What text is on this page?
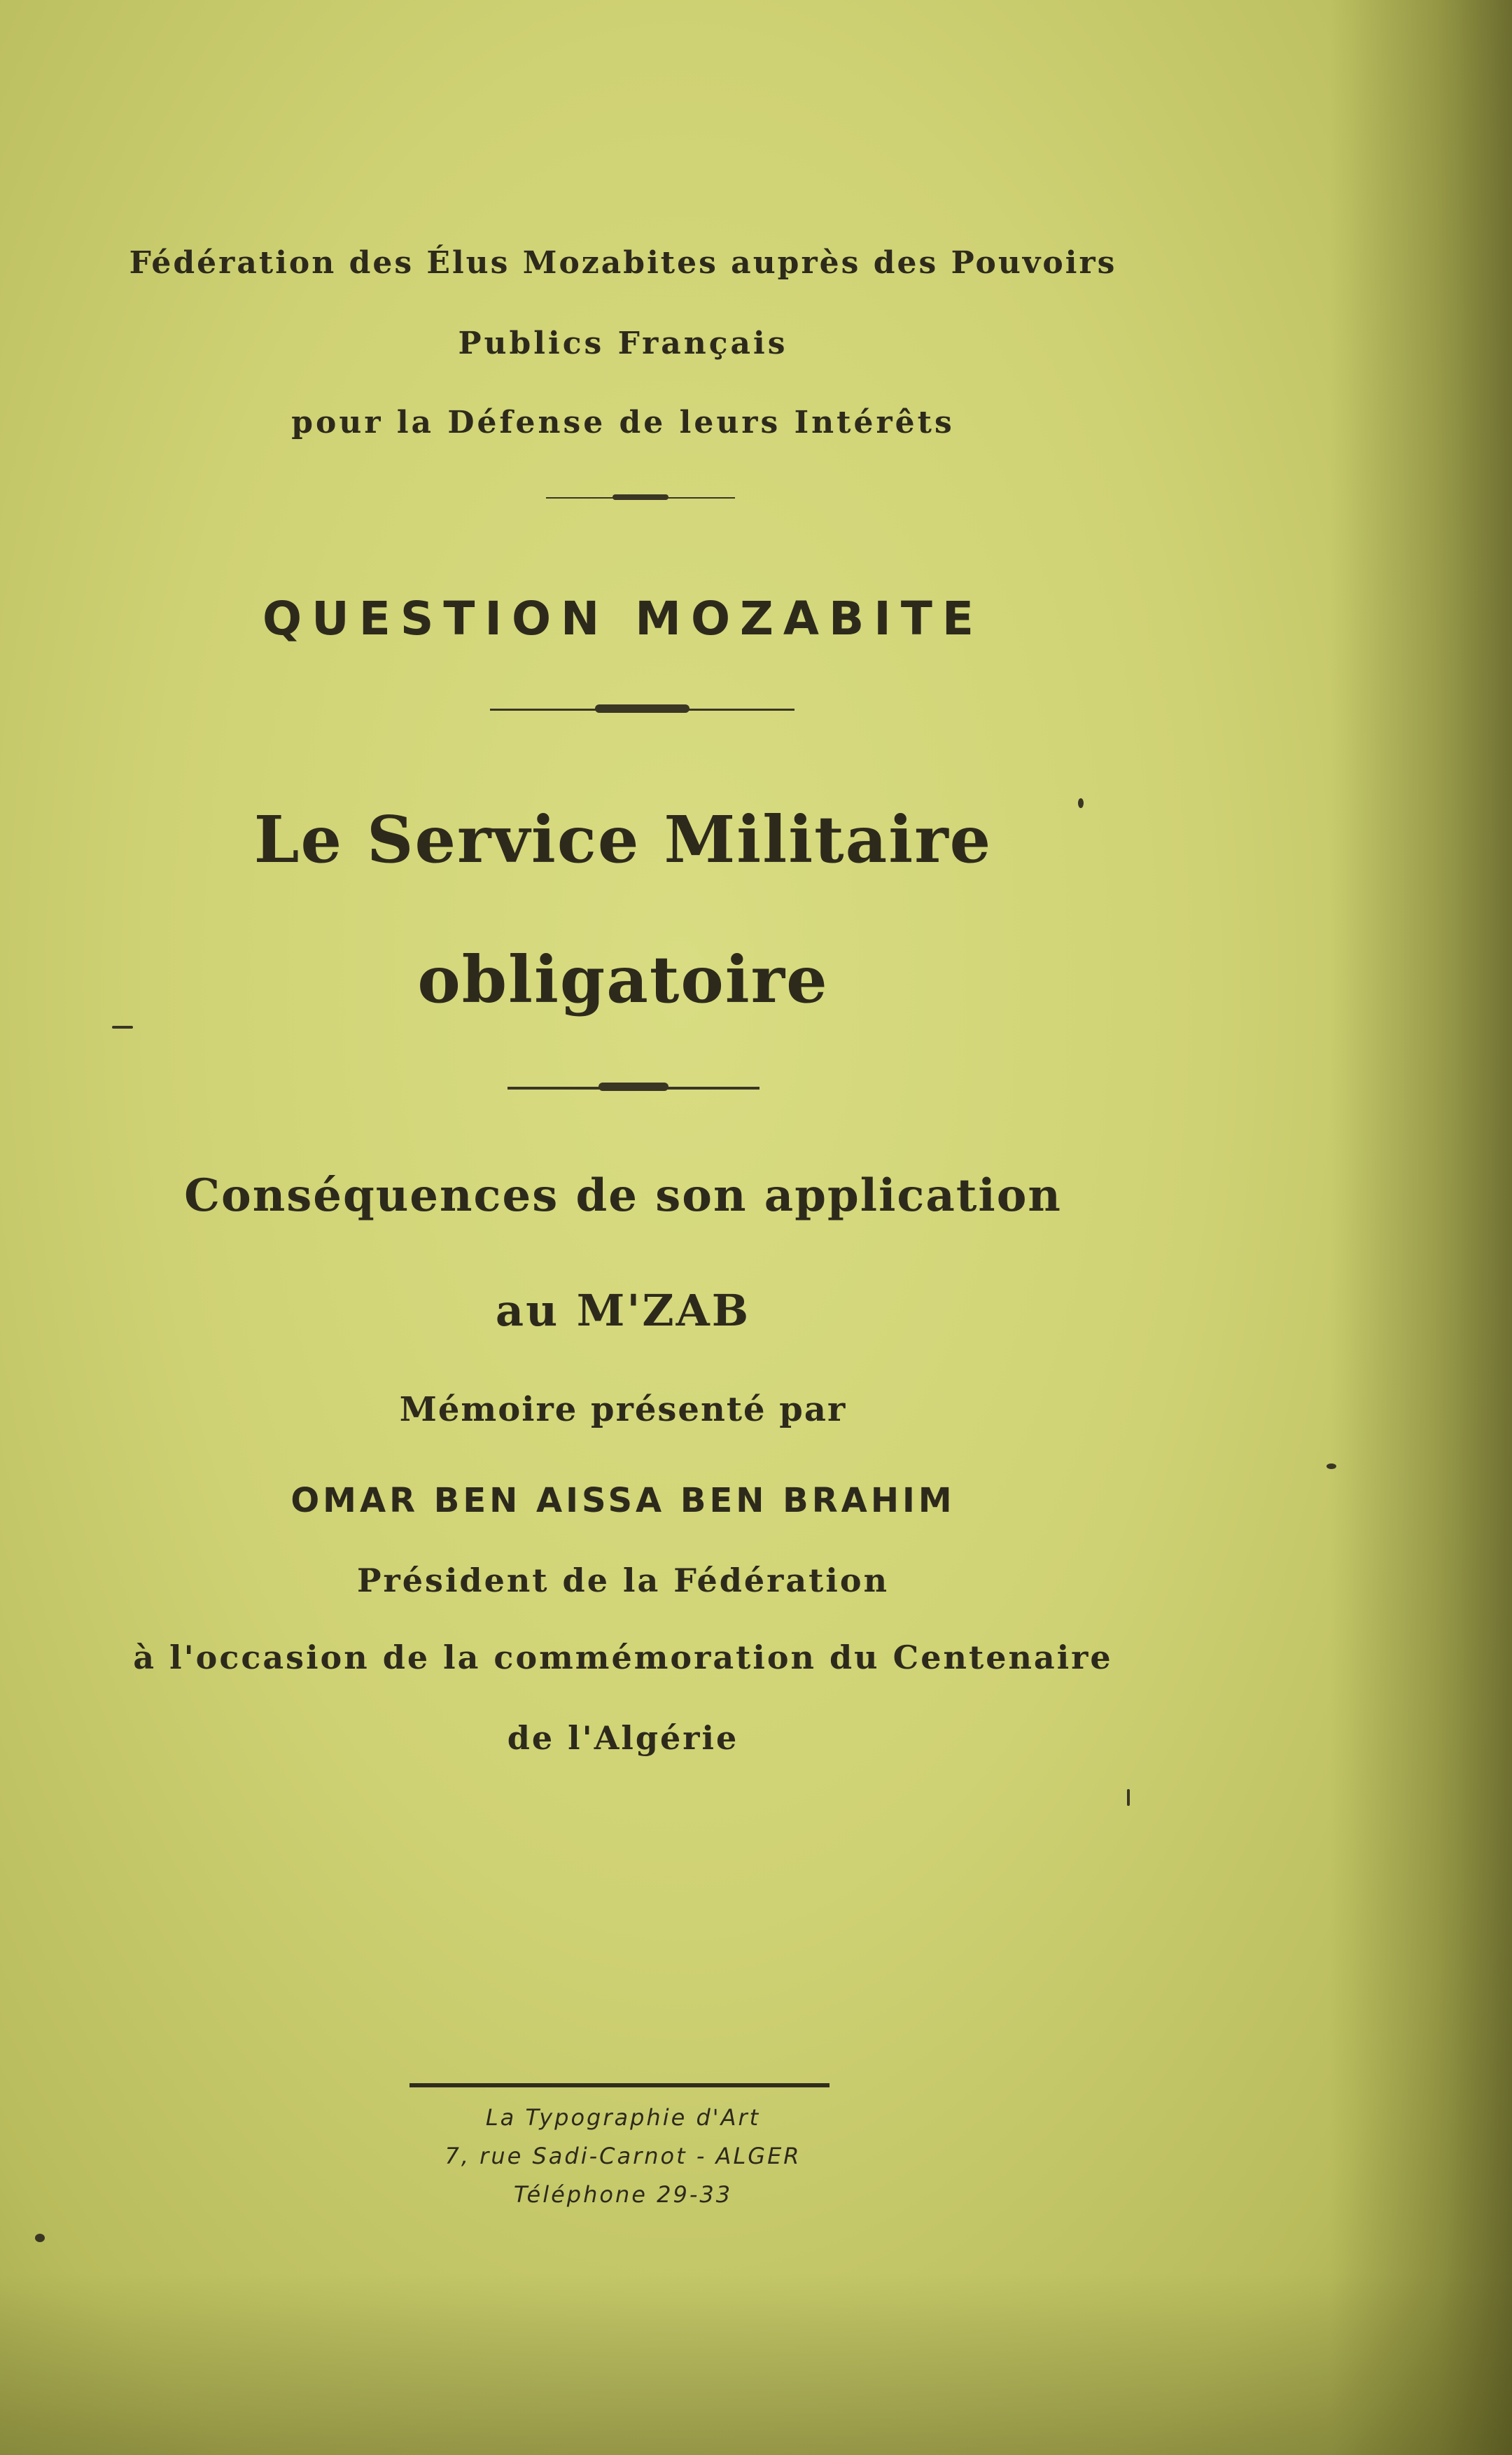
Fédération des Élus Mozabites auprès des Pouvoirs
Publics Français
pour la Défense de leurs Intérêts
QUESTION MOZABITE
Le Service Militaire
obligatoire
Conséquences de son application
au M'ZAB
Mémoire présenté par
OMAR BEN AISSA BEN BRAHIM
Président de la Fédération
à l'occasion de la commémoration du Centenaire
de l'Algérie
La Typographie d'Art
7, rue Sadi-Carnot - ALGER
Téléphone 29-33
